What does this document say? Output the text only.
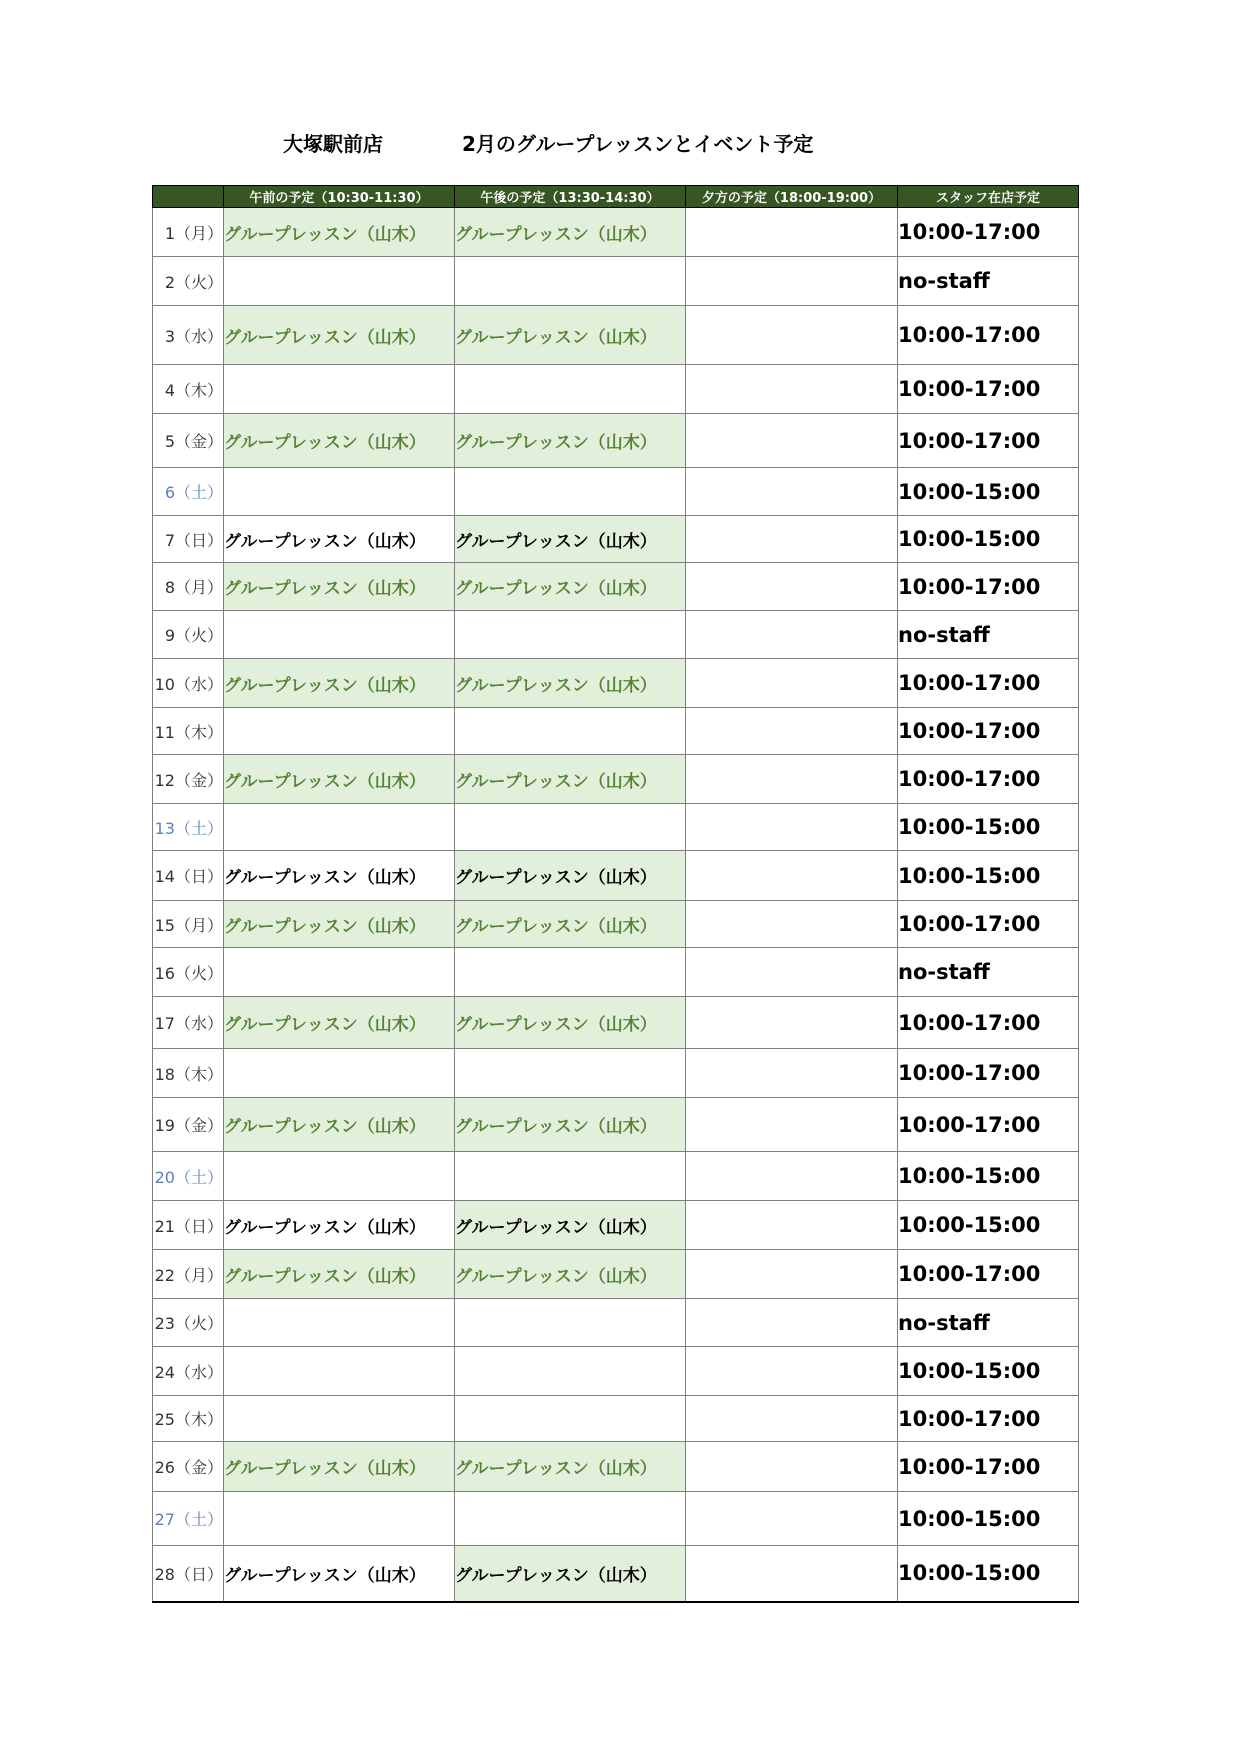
大塚駅前店	2月のグループレッスンとイベント予定
	午前の予定（10:30-11:30）	午後の予定（13:30-14:30）	夕方の予定（18:00-19:00）	スタッフ在店予定
1（月）	グループレッスン（山木）	グループレッスン（山木）		10:00-17:00
2（火）				no-staff
3（水）	グループレッスン（山木）	グループレッスン（山木）		10:00-17:00
4（木）				10:00-17:00
5（金）	グループレッスン（山木）	グループレッスン（山木）		10:00-17:00
6（土）				10:00-15:00
7（日）	グループレッスン（山木）	グループレッスン（山木）		10:00-15:00
8（月）	グループレッスン（山木）	グループレッスン（山木）		10:00-17:00
9（火）				no-staff
10（水）	グループレッスン（山木）	グループレッスン（山木）		10:00-17:00
11（木）				10:00-17:00
12（金）	グループレッスン（山木）	グループレッスン（山木）		10:00-17:00
13（土）				10:00-15:00
14（日）	グループレッスン（山木）	グループレッスン（山木）		10:00-15:00
15（月）	グループレッスン（山木）	グループレッスン（山木）		10:00-17:00
16（火）				no-staff
17（水）	グループレッスン（山木）	グループレッスン（山木）		10:00-17:00
18（木）				10:00-17:00
19（金）	グループレッスン（山木）	グループレッスン（山木）		10:00-17:00
20（土）				10:00-15:00
21（日）	グループレッスン（山木）	グループレッスン（山木）		10:00-15:00
22（月）	グループレッスン（山木）	グループレッスン（山木）		10:00-17:00
23（火）				no-staff
24（水）				10:00-15:00
25（木）				10:00-17:00
26（金）	グループレッスン（山木）	グループレッスン（山木）		10:00-17:00
27（土）				10:00-15:00
28（日）	グループレッスン（山木）	グループレッスン（山木）		10:00-15:00
